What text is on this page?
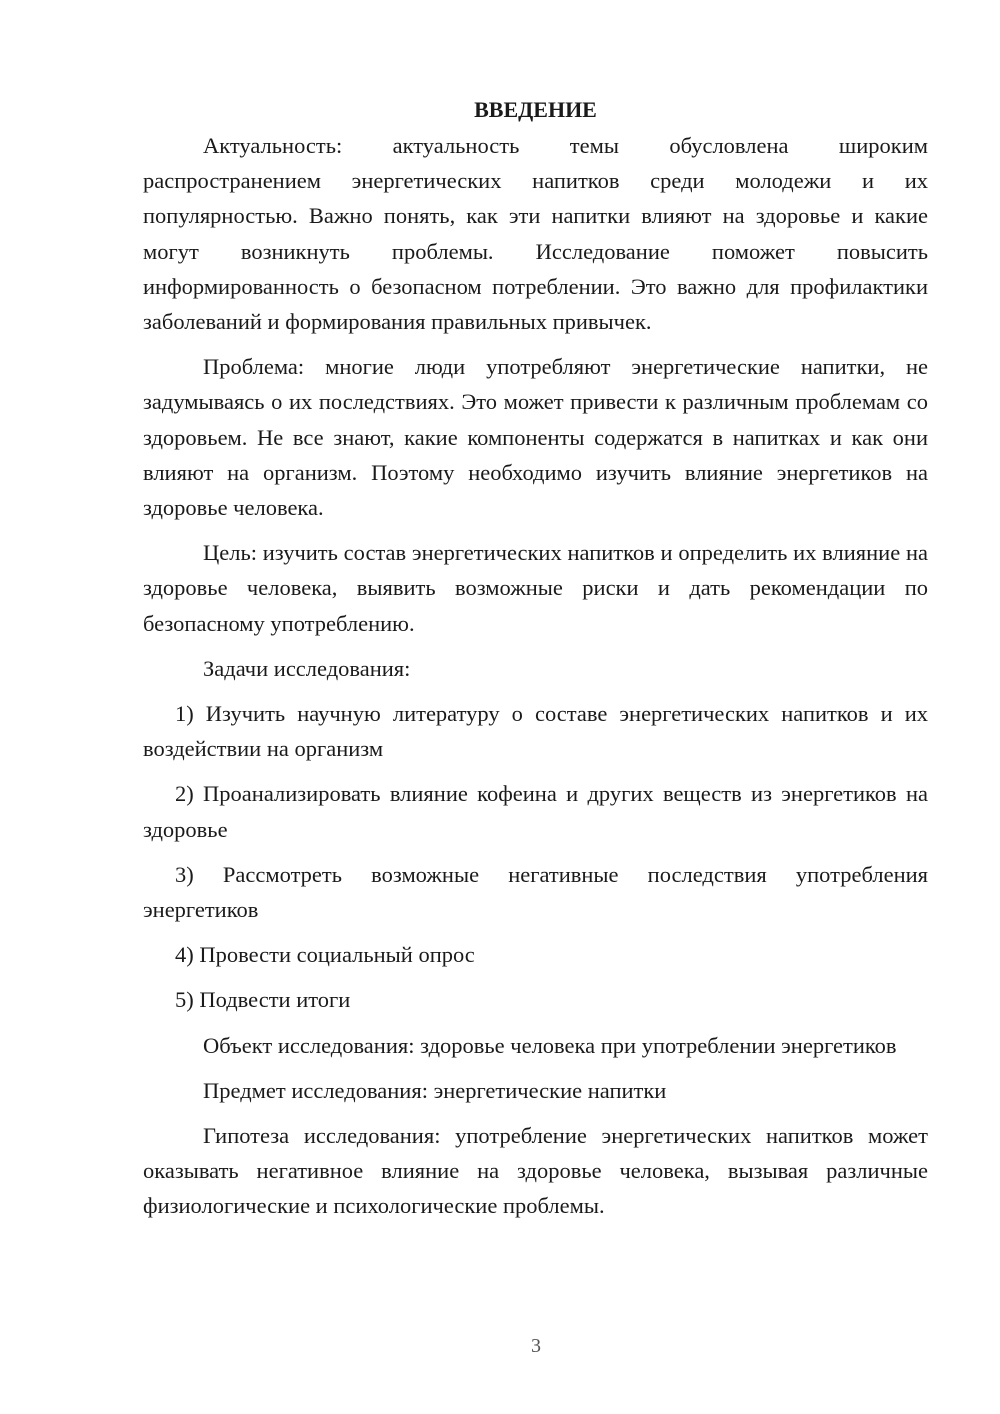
ВВЕДЕНИЕ

Актуальность: актуальность темы обусловлена широким распространением энергетических напитков среди молодежи и их популярностью. Важно понять, как эти напитки влияют на здоровье и какие могут возникнуть проблемы. Исследование поможет повысить информированность о безопасном потреблении. Это важно для профилактики заболеваний и формирования правильных привычек.

Проблема: многие люди употребляют энергетические напитки, не задумываясь о их последствиях. Это может привести к различным проблемам со здоровьем. Не все знают, какие компоненты содержатся в напитках и как они влияют на организм. Поэтому необходимо изучить влияние энергетиков на здоровье человека.

Цель: изучить состав энергетических напитков и определить их влияние на здоровье человека, выявить возможные риски и дать рекомендации по безопасному употреблению.

Задачи исследования:

1) Изучить научную литературу о составе энергетических напитков и их воздействии на организм
2) Проанализировать влияние кофеина и других веществ из энергетиков на здоровье
3) Рассмотреть возможные негативные последствия употребления энергетиков
4) Провести социальный опрос
5) Подвести итоги

Объект исследования: здоровье человека при употреблении энергетиков

Предмет исследования: энергетические напитки

Гипотеза исследования: употребление энергетических напитков может оказывать негативное влияние на здоровье человека, вызывая различные физиологические и психологические проблемы.

3
